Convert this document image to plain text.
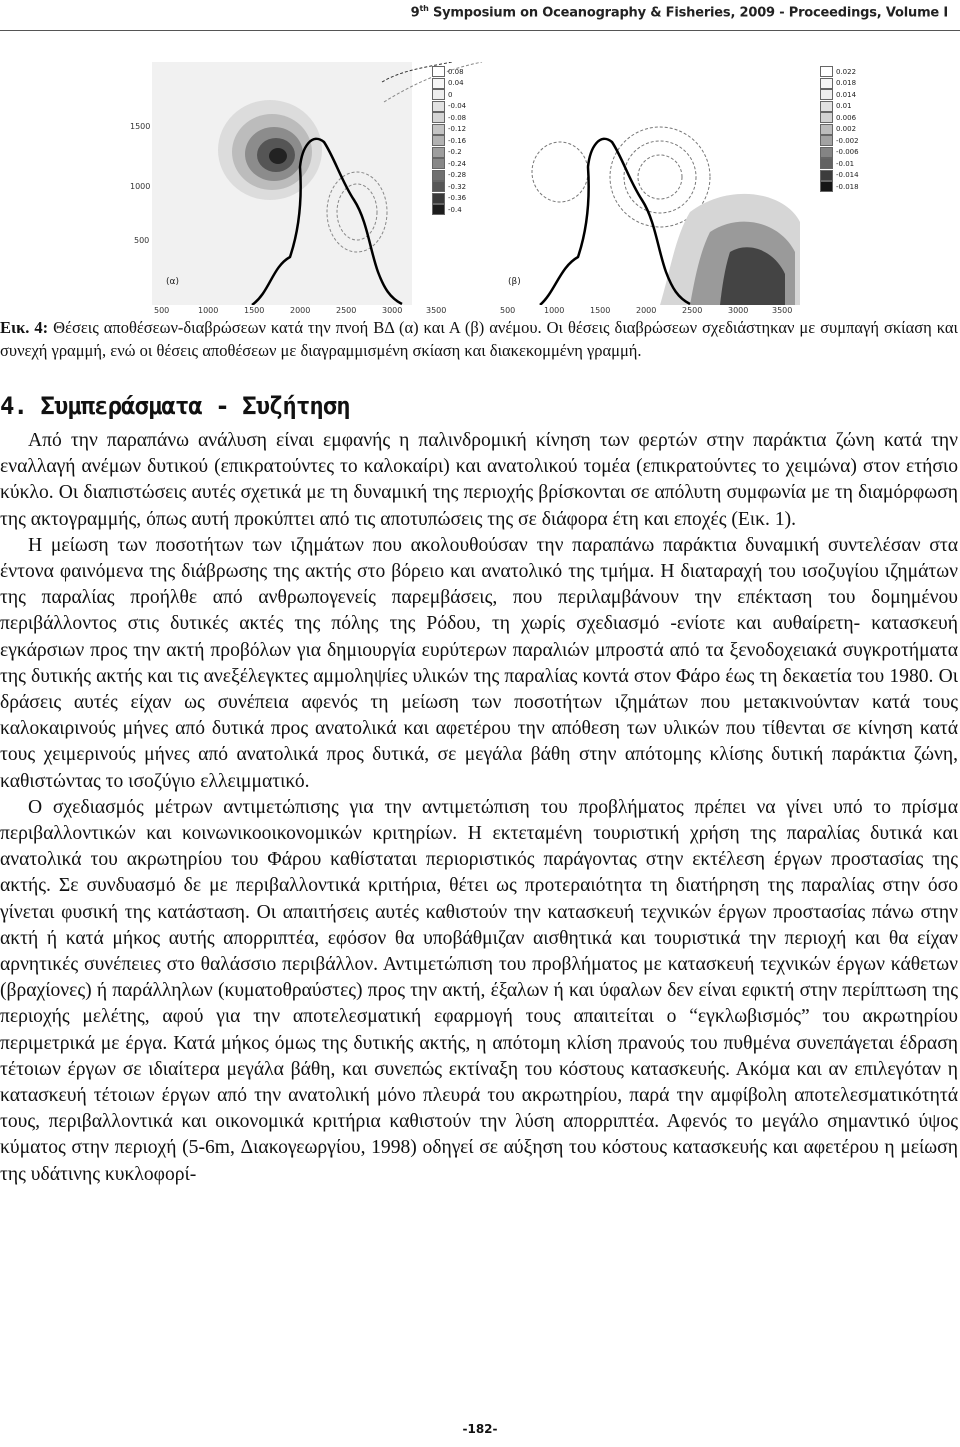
9th Symposium on Oceanography & Fisheries, 2009 - Proceedings, Volume I
1500
1000
500
(α)
0.08
0.04
0
-0.04
-0.08
-0.12
-0.16
-0.2
-0.24
-0.28
-0.32
-0.36
-0.4
500	1000	1500	2000	2500	3000	3500
(β)
0.022
0.018
0.014
0.01
0.006
0.002
-0.002
-0.006
-0.01
-0.014
-0.018
500	1000	1500	2000	2500	3000	3500
Εικ. 4: Θέσεις αποθέσεων-διαβρώσεων κατά την πνοή ΒΔ (α) και Α (β) ανέμου. Οι θέσεις διαβρώσεων σχεδιάστηκαν με συμπαγή σκίαση και συνεχή γραμμή, ενώ οι θέσεις αποθέσεων με διαγραμμισμένη σκίαση και διακεκομμένη γραμμή.
4. Συμπεράσματα - Συζήτηση

Από την παραπάνω ανάλυση είναι εμφανής η παλινδρομική κίνηση των φερτών στην παράκτια ζώνη κατά την εναλλαγή ανέμων δυτικού (επικρατούντες το καλοκαίρι) και ανατολικού τομέα (επικρατούντες το χειμώνα) στον ετήσιο κύκλο. Οι διαπιστώσεις αυτές σχετικά με τη δυναμική της περιοχής βρίσκονται σε απόλυτη συμφωνία με τη διαμόρφωση της ακτογραμμής, όπως αυτή προκύπτει από τις αποτυπώσεις της σε διάφορα έτη και εποχές (Εικ. 1).

Η μείωση των ποσοτήτων των ιζημάτων που ακολουθούσαν την παραπάνω παράκτια δυναμική συντελέσαν στα έντονα φαινόμενα της διάβρωσης της ακτής στο βόρειο και ανατολικό της τμήμα. Η διαταραχή του ισοζυγίου ιζημάτων της παραλίας προήλθε από ανθρωπογενείς παρεμβάσεις, που περιλαμβάνουν την επέκταση του δομημένου περιβάλλοντος στις δυτικές ακτές της πόλης της Ρόδου, τη χωρίς σχεδιασμό -ενίοτε και αυθαίρετη- κατασκευή εγκάρσιων προς την ακτή προβόλων για δημιουργία ευρύτερων παραλιών μπροστά από τα ξενοδοχειακά συγκροτήματα της δυτικής ακτής και τις ανεξέλεγκτες αμμοληψίες υλικών της παραλίας κοντά στον Φάρο έως τη δεκαετία του 1980. Οι δράσεις αυτές είχαν ως συνέπεια αφενός τη μείωση των ποσοτήτων ιζημάτων που μετακινούνταν κατά τους καλοκαιρινούς μήνες από δυτικά προς ανατολικά και αφετέρου την απόθεση των υλικών που τίθενται σε κίνηση κατά τους χειμερινούς μήνες από ανατολικά προς δυτικά, σε μεγάλα βάθη στην απότομης κλίσης δυτική παράκτια ζώνη, καθιστώντας το ισοζύγιο ελλειμματικό.

Ο σχεδιασμός μέτρων αντιμετώπισης για την αντιμετώπιση του προβλήματος πρέπει να γίνει υπό το πρίσμα περιβαλλοντικών και κοινωνικοοικονομικών κριτηρίων. Η εκτεταμένη τουριστική χρήση της παραλίας δυτικά και ανατολικά του ακρωτηρίου του Φάρου καθίσταται περιοριστικός παράγοντας στην εκτέλεση έργων προστασίας της ακτής. Σε συνδυασμό δε με περιβαλλοντικά κριτήρια, θέτει ως προτεραιότητα τη διατήρηση της παραλίας στην όσο γίνεται φυσική της κατάσταση. Οι απαιτήσεις αυτές καθιστούν την κατασκευή τεχνικών έργων προστασίας πάνω στην ακτή ή κατά μήκος αυτής απορριπτέα, εφόσον θα υποβάθμιζαν αισθητικά και τουριστικά την περιοχή και θα είχαν αρνητικές συνέπειες στο θαλάσσιο περιβάλλον. Αντιμετώπιση του προβλήματος με κατασκευή τεχνικών έργων κάθετων (βραχίονες) ή παράλληλων (κυματοθραύστες) προς την ακτή, έξαλων ή και ύφαλων δεν είναι εφικτή στην περίπτωση της περιοχής μελέτης, αφού για την αποτελεσματική εφαρμογή τους απαιτείται ο “εγκλωβισμός” του ακρωτηρίου περιμετρικά με έργα. Κατά μήκος όμως της δυτικής ακτής, η απότομη κλίση πρανούς του πυθμένα συνεπάγεται έδραση τέτοιων έργων σε ιδιαίτερα μεγάλα βάθη, και συνεπώς εκτίναξη του κόστους κατασκευής. Ακόμα και αν επιλεγόταν η κατασκευή τέτοιων έργων από την ανατολική μόνο πλευρά του ακρωτηρίου, παρά την αμφίβολη αποτελεσματικότητά τους, περιβαλλοντικά και οικονομικά κριτήρια καθιστούν την λύση απορριπτέα. Αφενός το μεγάλο σημαντικό ύψος κύματος στην περιοχή (5-6m, Διακογεωργίου, 1998) οδηγεί σε αύξηση του κόστους κατασκευής και αφετέρου η μείωση της υδάτινης κυκλοφορί-

-182-
